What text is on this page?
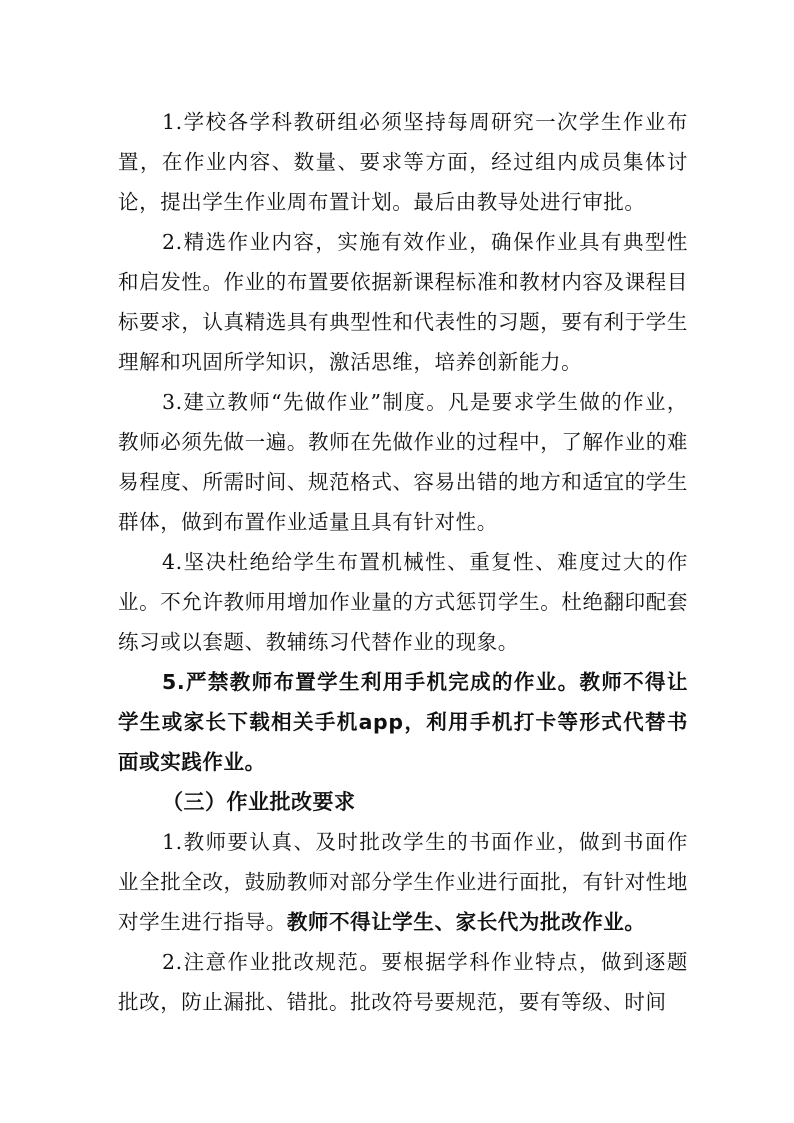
1.学校各学科教研组必须坚持每周研究一次学生作业布置，在作业内容、数量、要求等方面，经过组内成员集体讨论，提出学生作业周布置计划。最后由教导处进行审批。

2.精选作业内容，实施有效作业，确保作业具有典型性和启发性。作业的布置要依据新课程标准和教材内容及课程目标要求，认真精选具有典型性和代表性的习题，要有利于学生理解和巩固所学知识，激活思维，培养创新能力。

3.建立教师“先做作业”制度。凡是要求学生做的作业，教师必须先做一遍。教师在先做作业的过程中，了解作业的难易程度、所需时间、规范格式、容易出错的地方和适宜的学生群体，做到布置作业适量且具有针对性。

4.坚决杜绝给学生布置机械性、重复性、难度过大的作业。不允许教师用增加作业量的方式惩罚学生。杜绝翻印配套练习或以套题、教辅练习代替作业的现象。

5.严禁教师布置学生利用手机完成的作业。教师不得让学生或家长下载相关手机app，利用手机打卡等形式代替书面或实践作业。

（三）作业批改要求

1.教师要认真、及时批改学生的书面作业，做到书面作业全批全改，鼓励教师对部分学生作业进行面批，有针对性地对学生进行指导。教师不得让学生、家长代为批改作业。

2.注意作业批改规范。要根据学科作业特点，做到逐题批改，防止漏批、错批。批改符号要规范，要有等级、时间
